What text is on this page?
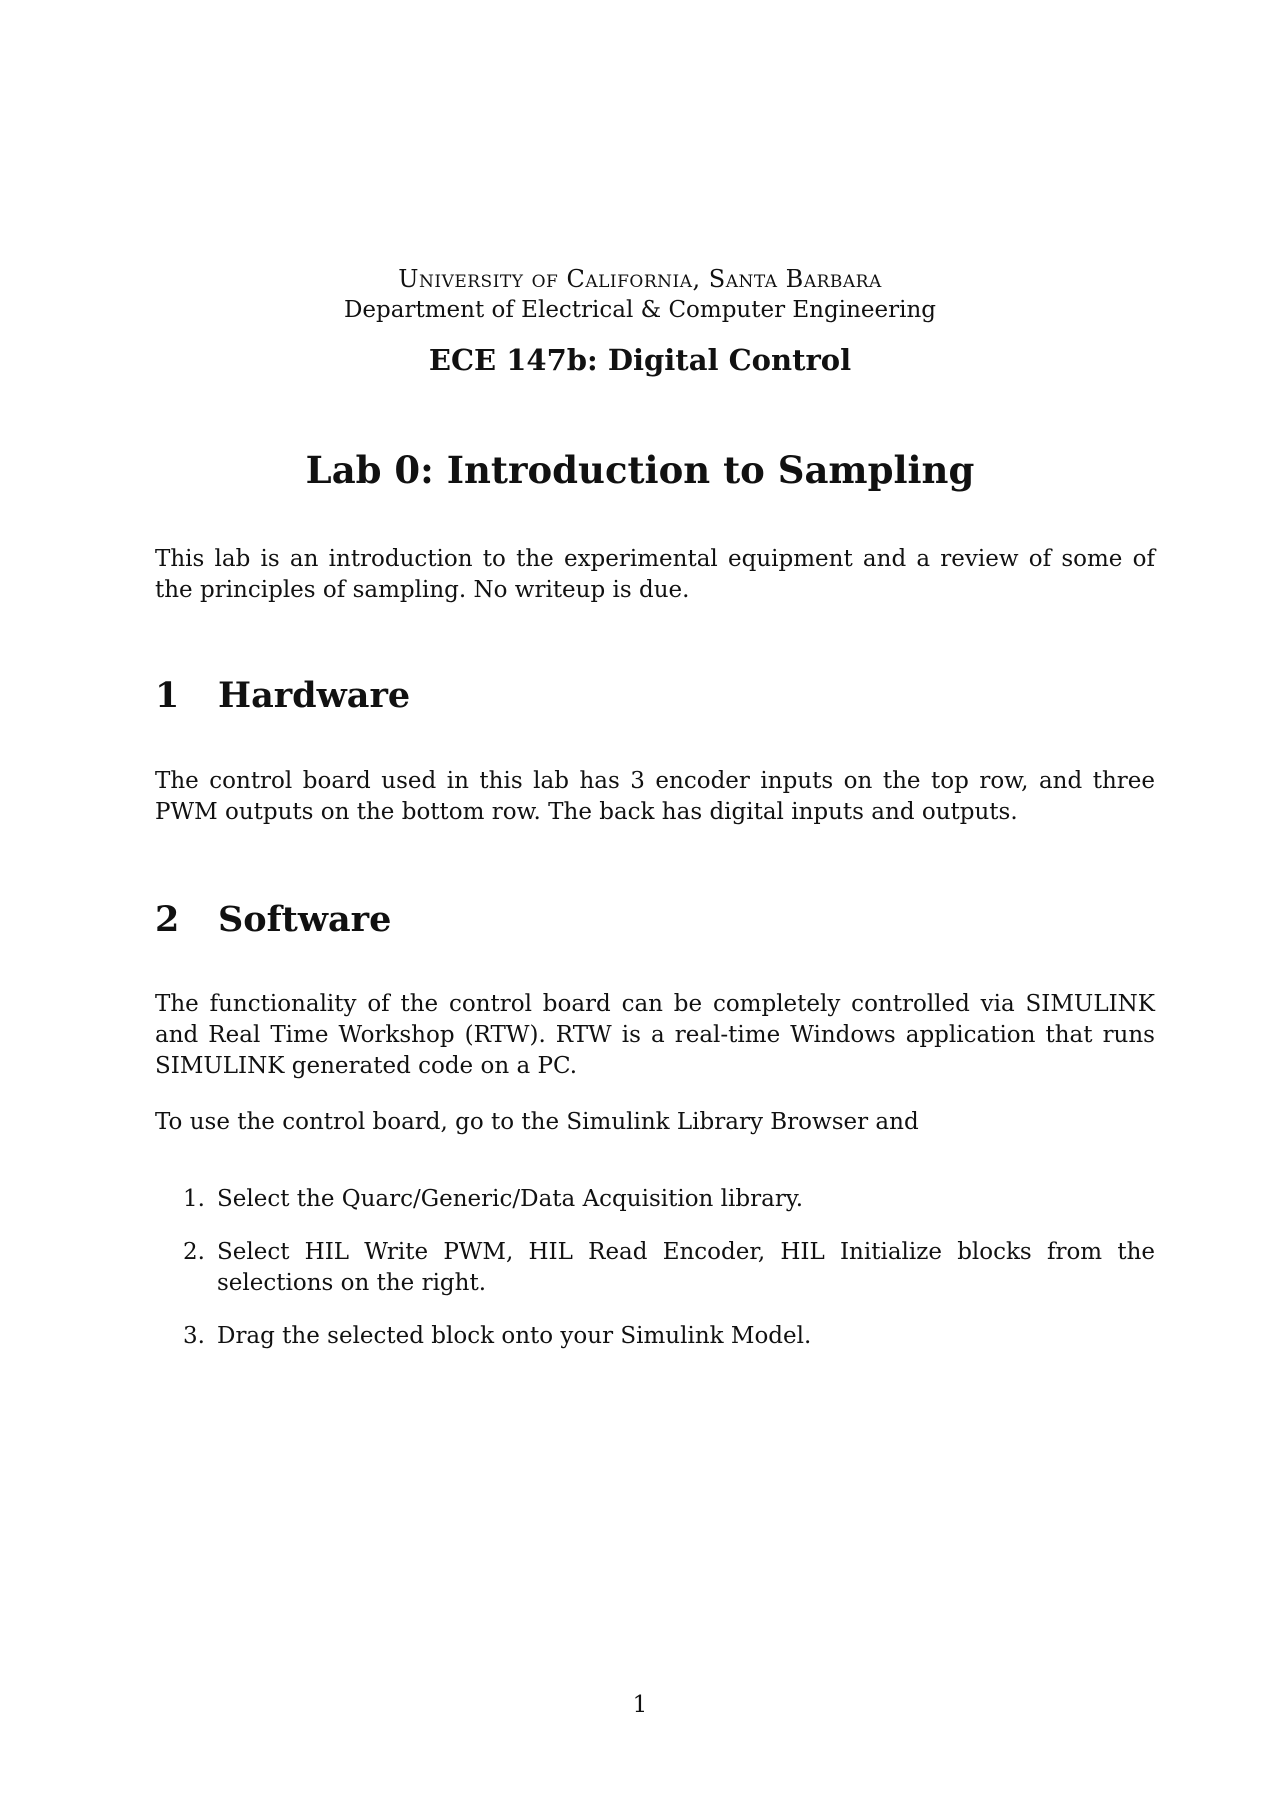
University of California, Santa Barbara
Department of Electrical & Computer Engineering
ECE 147b: Digital Control
Lab 0: Introduction to Sampling

This lab is an introduction to the experimental equipment and a review of some of the principles of sampling. No writeup is due.

1	Hardware

The control board used in this lab has 3 encoder inputs on the top row, and three PWM outputs on the bottom row. The back has digital inputs and outputs.

2	Software

The functionality of the control board can be completely controlled via SIMULINK and Real Time Workshop (RTW). RTW is a real-time Windows application that runs SIMULINK generated code on a PC.

To use the control board, go to the Simulink Library Browser and

1. Select the Quarc/Generic/Data Acquisition library.
2. Select HIL Write PWM, HIL Read Encoder, HIL Initialize blocks from the selections on the right.
3. Drag the selected block onto your Simulink Model.
1
